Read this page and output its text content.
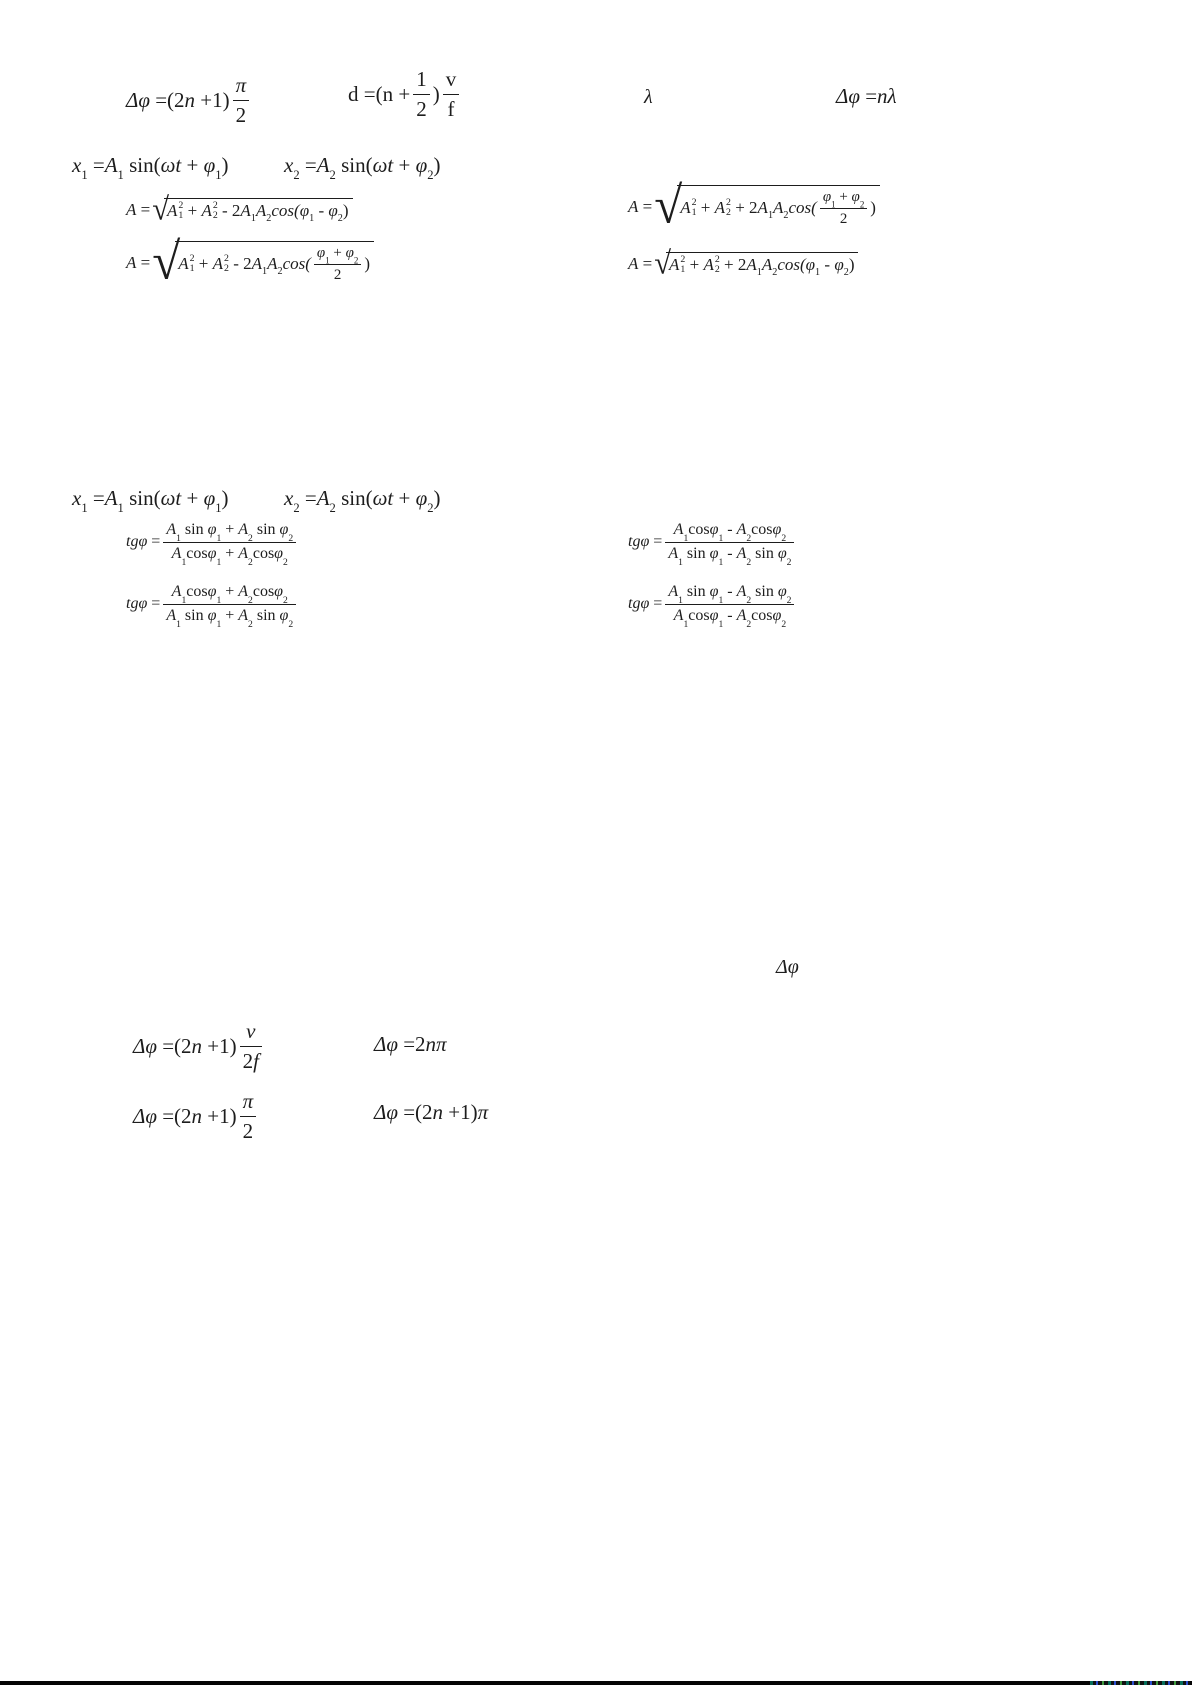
Δφ =(2 $n +1) \frac{\pi}{2}$	$d =(n + \frac{1}{2}$ ) $\frac{v}{f}$	λ	Δφ = nλ
x 1 = A 1 sin( ωt + φ 1 )	x 2 = A 2 sin( ωt + φ 2 )
A = √
A 2
1 + A 2
2 - 2 A 1 A 2 cos( φ 1 - φ 2 )
A = √
A 2
1 + A 2
2 - 2 A 1 A 2 cos( φ
1
+ φ
2
2 )
A = √
A 2
1 + A 2
2 + 2 A 1 A 2 cos( φ
1
+ φ
2
2 )
A = √
A 2
1 + A 2
2 + 2 A 1 A 2 cos( φ 1 - φ 2 )
x 1 = A 1 sin( ωt + φ 1 )	x 2 = A 2 sin( ωt + φ 2 )
tgφ = A
1
sin φ
1
+ A
2
sin φ
2
A
1
cos φ
1
+ A
2
cos φ
2
tgφ = A
1
cos φ
1
+ A
2
cos φ
2
A
1
sin φ
1
+ A
2
sin φ
2
tgφ = A
1
cos φ
1
- A
2
cos φ
2
A
1
sin φ
1
- A
2
sin φ
2
tgφ = A
1
sin φ
1
- A
2
sin φ
2
A
1
cos φ
1
- A
2
cos φ
2
Δφ
Δφ =(2 $n +1) \frac{v}{2 f}$	Δφ =2 nπ
Δφ =(2 $n +1) \frac{\pi}{2}$	Δφ =(2 n +1) π
